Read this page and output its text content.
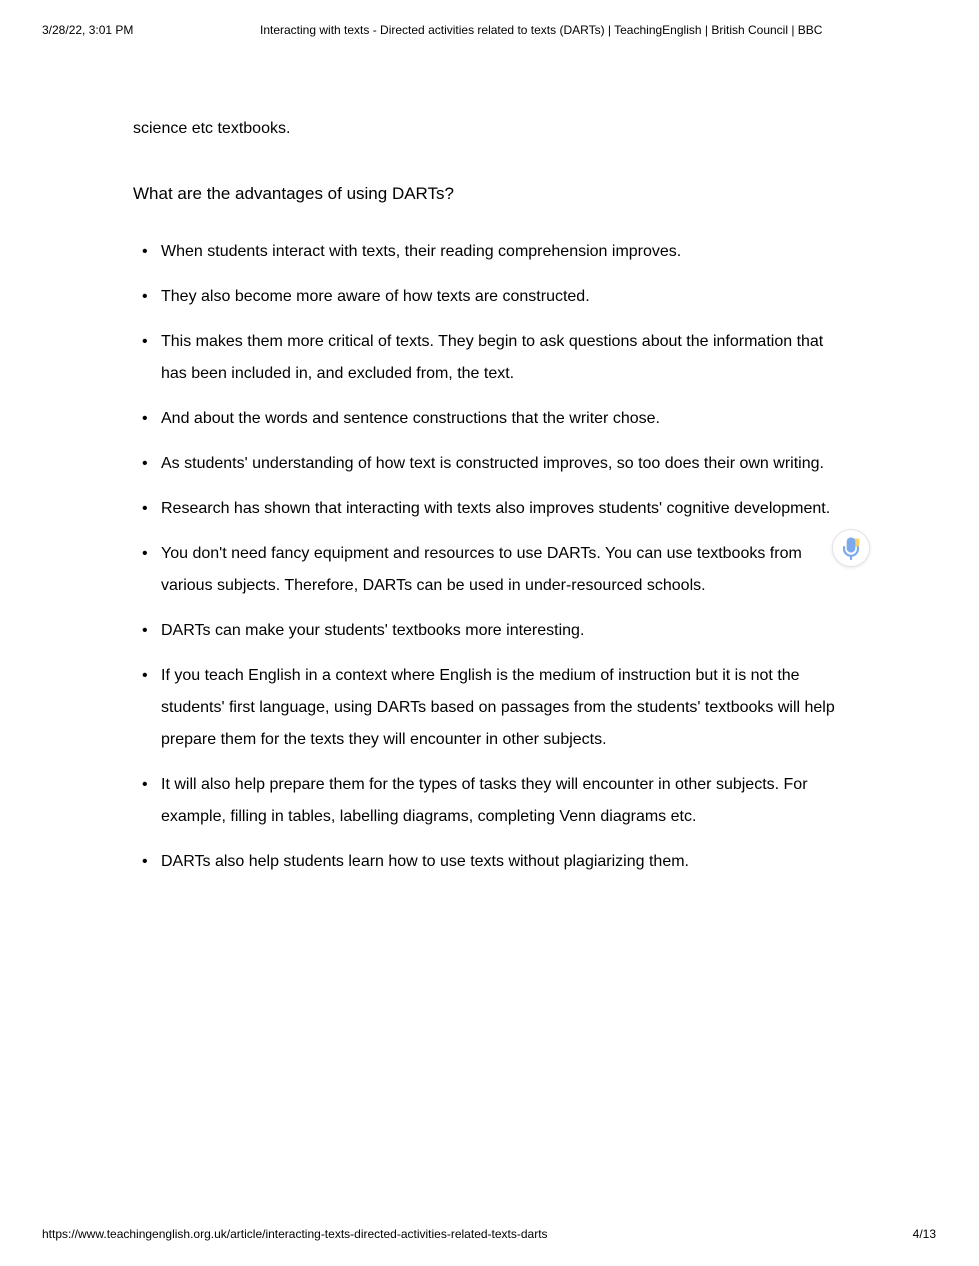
3/28/22, 3:01 PM	Interacting with texts - Directed activities related to texts (DARTs) | TeachingEnglish | British Council | BBC

science etc textbooks.

What are the advantages of using DARTs?
• When students interact with texts, their reading comprehension improves.
• They also become more aware of how texts are constructed.
• This makes them more critical of texts. They begin to ask questions about the information that has been included in, and excluded from, the text.
• And about the words and sentence constructions that the writer chose.
• As students' understanding of how text is constructed improves, so too does their own writing.
• Research has shown that interacting with texts also improves students' cognitive development.
• You don't need fancy equipment and resources to use DARTs. You can use textbooks from various subjects. Therefore, DARTs can be used in under-resourced schools.
• DARTs can make your students' textbooks more interesting.
• If you teach English in a context where English is the medium of instruction but it is not the students' first language, using DARTs based on passages from the students' textbooks will help prepare them for the texts they will encounter in other subjects.
• It will also help prepare them for the types of tasks they will encounter in other subjects. For example, filling in tables, labelling diagrams, completing Venn diagrams etc.
• DARTs also help students learn how to use texts without plagiarizing them.
https://www.teachingenglish.org.uk/article/interacting-texts-directed-activities-related-texts-darts	4/13
